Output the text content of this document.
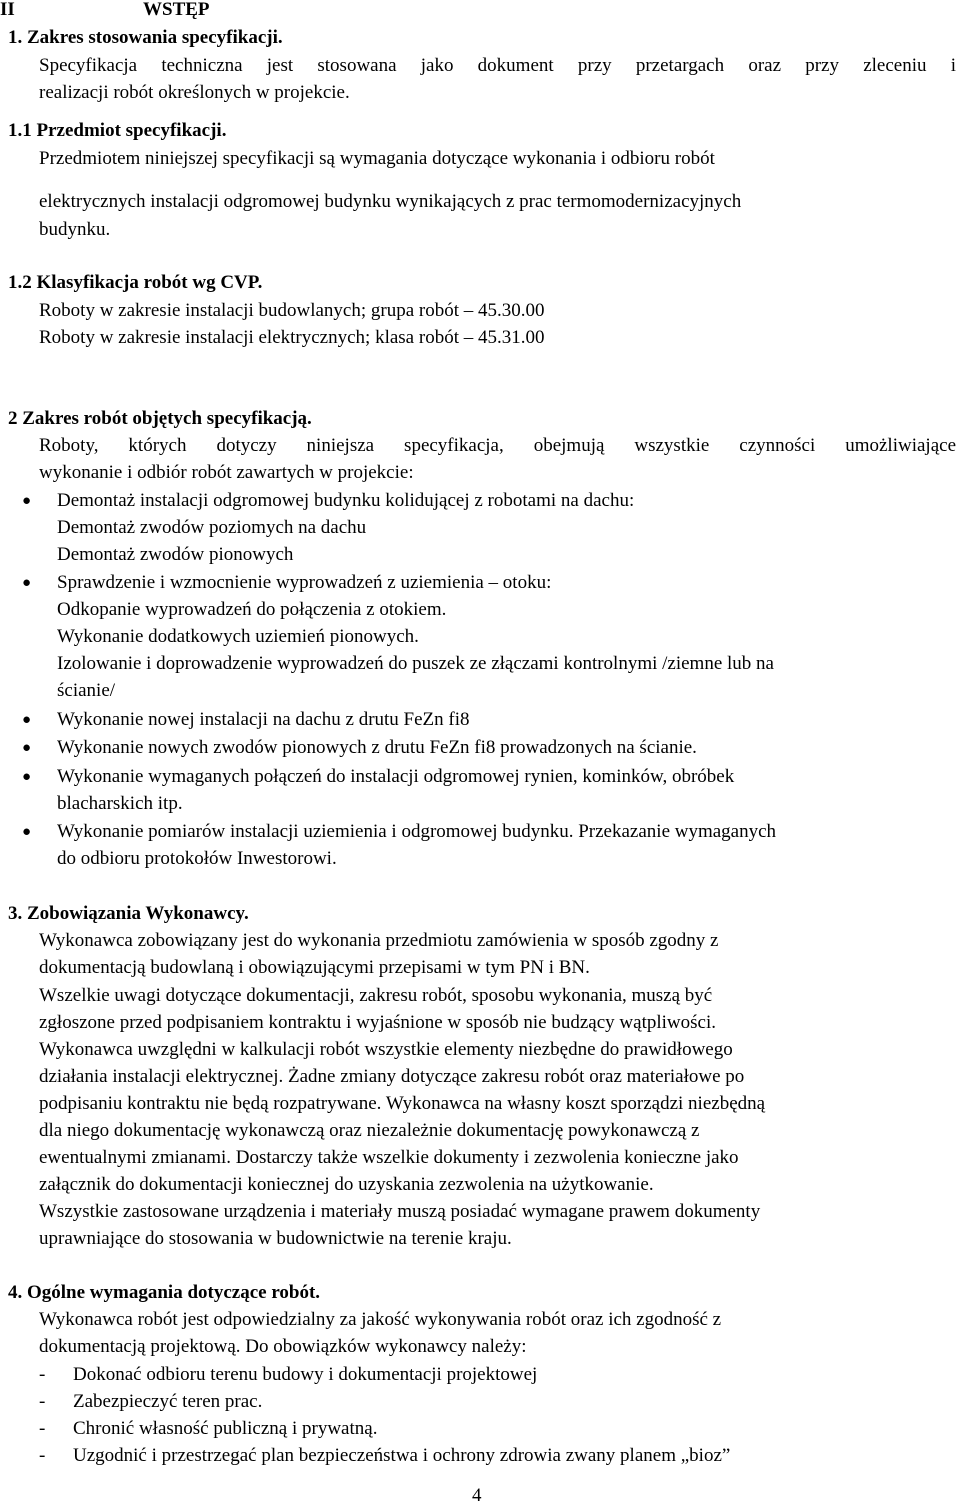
II	WSTĘP
1. Zakres stosowania specyfikacji.
Specyfikacja techniczna jest stosowana jako dokument przy przetargach oraz przy zleceniu i
realizacji robót określonych w projekcie.
1.1 Przedmiot specyfikacji.
Przedmiotem niniejszej specyfikacji są wymagania dotyczące wykonania i odbioru robót
elektrycznych instalacji odgromowej budynku wynikających z prac termomodernizacyjnych
budynku.
1.2 Klasyfikacja robót wg CVP.
Roboty w zakresie instalacji budowlanych; grupa robót – 45.30.00
Roboty w zakresie instalacji elektrycznych; klasa robót – 45.31.00
2 Zakres robót objętych specyfikacją.
Roboty, których dotyczy niniejsza specyfikacja, obejmują wszystkie czynności umożliwiające
wykonanie i odbiór robót zawartych w projekcie:
● Demontaż instalacji odgromowej budynku kolidującej z robotami na dachu:
Demontaż zwodów poziomych na dachu
Demontaż zwodów pionowych
● Sprawdzenie i wzmocnienie wyprowadzeń z uziemienia – otoku:
Odkopanie wyprowadzeń do połączenia z otokiem.
Wykonanie dodatkowych uziemień pionowych.
Izolowanie i doprowadzenie wyprowadzeń do puszek ze złączami kontrolnymi /ziemne lub na
ścianie/
● Wykonanie nowej instalacji na dachu z drutu FeZn fi8
● Wykonanie nowych zwodów pionowych z drutu FeZn fi8 prowadzonych na ścianie.
● Wykonanie wymaganych połączeń do instalacji odgromowej rynien, kominków, obróbek
blacharskich itp.
● Wykonanie pomiarów instalacji uziemienia i odgromowej budynku. Przekazanie wymaganych
do odbioru protokołów Inwestorowi.
3. Zobowiązania Wykonawcy.
Wykonawca zobowiązany jest do wykonania przedmiotu zamówienia w sposób zgodny z
dokumentacją budowlaną i obowiązującymi przepisami w tym PN i BN.
Wszelkie uwagi dotyczące dokumentacji, zakresu robót, sposobu wykonania, muszą być
zgłoszone przed podpisaniem kontraktu i wyjaśnione w sposób nie budzący wątpliwości.
Wykonawca uwzględni w kalkulacji robót wszystkie elementy niezbędne do prawidłowego
działania instalacji elektrycznej. Żadne zmiany dotyczące zakresu robót oraz materiałowe po
podpisaniu kontraktu nie będą rozpatrywane. Wykonawca na własny koszt sporządzi niezbędną
dla niego dokumentację wykonawczą oraz niezależnie dokumentację powykonawczą z
ewentualnymi zmianami. Dostarczy także wszelkie dokumenty i zezwolenia konieczne jako
załącznik do dokumentacji koniecznej do uzyskania zezwolenia na użytkowanie.
Wszystkie zastosowane urządzenia i materiały muszą posiadać wymagane prawem dokumenty
uprawniające do stosowania w budownictwie na terenie kraju.
4. Ogólne wymagania dotyczące robót.
Wykonawca robót jest odpowiedzialny za jakość wykonywania robót oraz ich zgodność z
dokumentacją projektową. Do obowiązków wykonawcy należy:
- Dokonać odbioru terenu budowy i dokumentacji projektowej
- Zabezpieczyć teren prac.
- Chronić własność publiczną i prywatną.
- Uzgodnić i przestrzegać plan bezpieczeństwa i ochrony zdrowia zwany planem „bioz”
4
